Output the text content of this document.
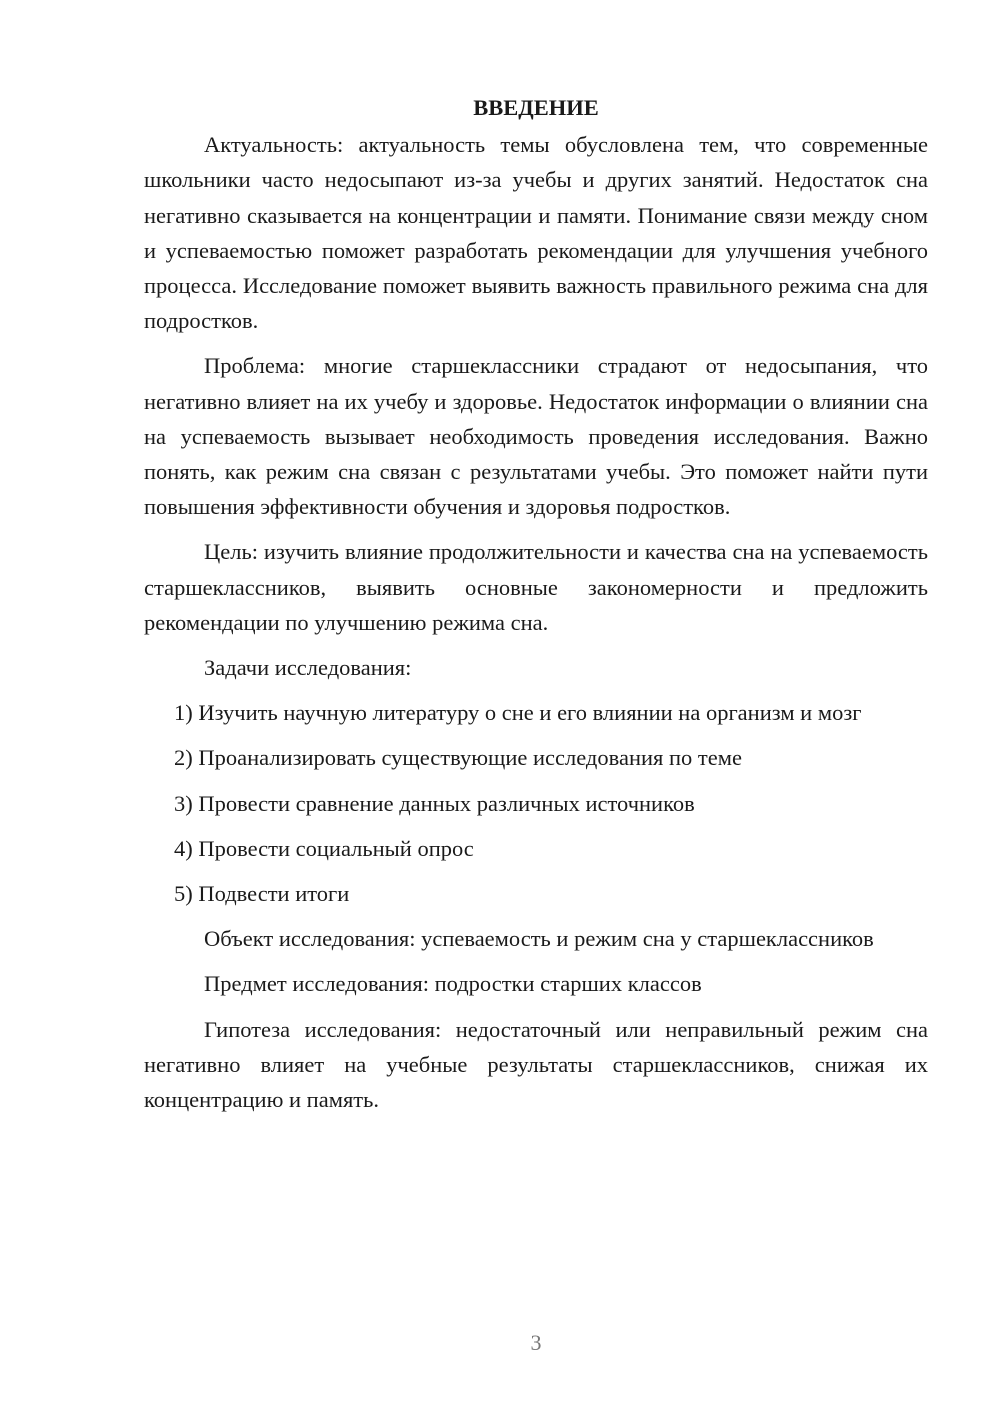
ВВЕДЕНИЕ
Актуальность: актуальность темы обусловлена тем, что современные школьники часто недосыпают из-за учебы и других занятий. Недостаток сна негативно сказывается на концентрации и памяти. Понимание связи между сном и успеваемостью поможет разработать рекомендации для улучшения учебного процесса. Исследование поможет выявить важность правильного режима сна для подростков.
Проблема: многие старшеклассники страдают от недосыпания, что негативно влияет на их учебу и здоровье. Недостаток информации о влиянии сна на успеваемость вызывает необходимость проведения исследования. Важно понять, как режим сна связан с результатами учебы. Это поможет найти пути повышения эффективности обучения и здоровья подростков.
Цель: изучить влияние продолжительности и качества сна на успеваемость старшеклассников, выявить основные закономерности и предложить рекомендации по улучшению режима сна.
Задачи исследования:
1) Изучить научную литературу о сне и его влиянии на организм и мозг
2) Проанализировать существующие исследования по теме
3) Провести сравнение данных различных источников
4) Провести социальный опрос
5) Подвести итоги
Объект исследования: успеваемость и режим сна у старшеклассников
Предмет исследования: подростки старших классов
Гипотеза исследования: недостаточный или неправильный режим сна негативно влияет на учебные результаты старшеклассников, снижая их концентрацию и память.
3
